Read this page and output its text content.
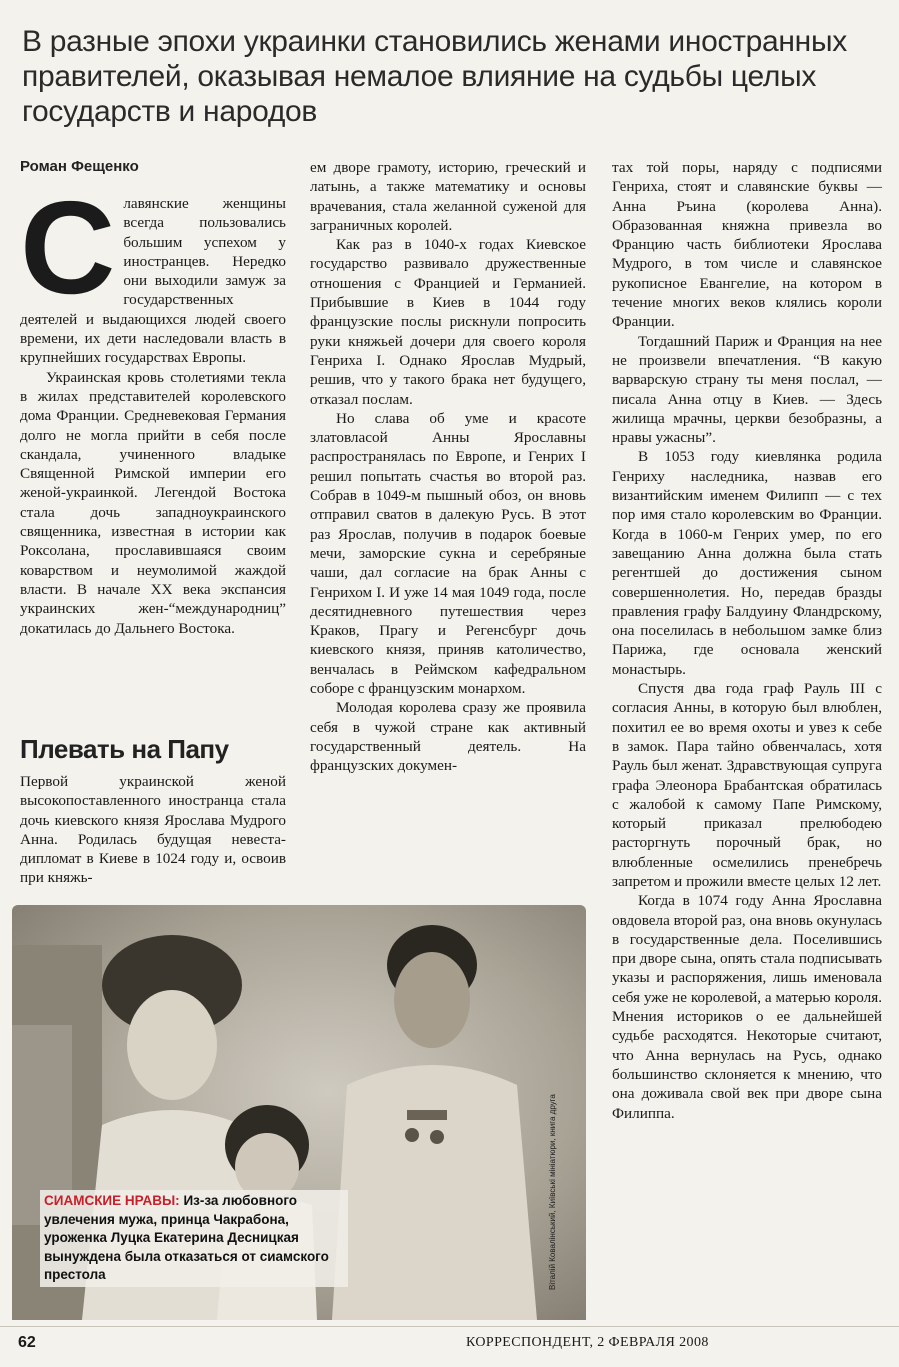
В разные эпохи украинки становились женами иностранных правителей, оказывая немалое влияние на судьбы целых государств и народов
Роман Фещенко
С лавянские женщины всегда пользовались большим успехом у иностранцев. Нередко они выходили замуж за государственных деятелей и выдающихся людей своего времени, их дети наследовали власть в крупнейших государствах Европы.

Украинская кровь столетиями текла в жилах представителей королевского дома Франции. Средневековая Германия долго не могла прийти в себя после скандала, учиненного владыке Священной Римской империи его женой-украинкой. Легендой Востока стала дочь западноукраинского священника, известная в истории как Роксолана, прославившаяся своим коварством и неумолимой жаждой власти. В начале ХХ века экспансия украинских жен-“международниц” докатилась до Дальнего Востока.

Плевать на Папу

Первой украинской женой высокопоставленного иностранца стала дочь киевского князя Ярослава Мудрого Анна. Родилась будущая невеста-дипломат в Киеве в 1024 году и, освоив при княжь-

ем дворе грамоту, историю, греческий и латынь, а также математику и основы врачевания, стала желанной суженой для заграничных королей.

Как раз в 1040-х годах Киевское государство развивало дружественные отношения с Францией и Германией. Прибывшие в Киев в 1044 году французские послы рискнули попросить руки княжьей дочери для своего короля Генриха I. Однако Ярослав Мудрый, решив, что у такого брака нет будущего, отказал послам.

Но слава об уме и красоте златовласой Анны Ярославны распространялась по Европе, и Генрих I решил попытать счастья во второй раз. Собрав в 1049-м пышный обоз, он вновь отправил сватов в далекую Русь. В этот раз Ярослав, получив в подарок боевые мечи, заморские сукна и серебряные чаши, дал согласие на брак Анны с Генрихом I. И уже 14 мая 1049 года, после десятидневного путешествия через Краков, Прагу и Регенсбург дочь киевского князя, приняв католичество, венчалась в Реймском кафедральном соборе с французским монархом.

Молодая королева сразу же проявила себя в чужой стране как активный государственный деятель. На французских докумен-

тах той поры, наряду с подписями Генриха, стоят и славянские буквы — Анна Ръина (королева Анна). Образованная княжна привезла во Францию часть библиотеки Ярослава Мудрого, в том числе и славянское рукописное Евангелие, на котором в течение многих веков клялись короли Франции.

Тогдашний Париж и Франция на нее не произвели впечатления. “В какую варварскую страну ты меня послал, — писала Анна отцу в Киев. — Здесь жилища мрачны, церкви безобразны, а нравы ужасны”.

В 1053 году киевлянка родила Генриху наследника, назвав его византийским именем Филипп — с тех пор имя стало королевским во Франции. Когда в 1060-м Генрих умер, по его завещанию Анна должна была стать регентшей до достижения сыном совершеннолетия. Но, передав бразды правления графу Балдуину Фландрскому, она поселилась в небольшом замке близ Парижа, где основала женский монастырь.

Спустя два года граф Рауль III с согласия Анны, в которую был влюблен, похитил ее во время охоты и увез к себе в замок. Пара тайно обвенчалась, хотя Рауль был женат. Здравствующая супруга графа Элеонора Брабантская обратилась с жалобой к самому Папе Римскому, который приказал прелюбодею расторгнуть порочный брак, но влюбленные осмелились пренебречь запретом и прожили вместе целых 12 лет.

Когда в 1074 году Анна Ярославна овдовела второй раз, она вновь окунулась в государственные дела. Поселившись при дворе сына, опять стала подписывать указы и распоряжения, лишь именовала себя уже не королевой, а матерью короля. Мнения историков о ее дальнейшей судьбе расходятся. Некоторые считают, что Анна вернулась на Русь, однако большинство склоняется к мнению, что она доживала свой век при дворе сына Филиппа.

СИАМСКИЕ НРАВЫ: Из-за любовного увлечения мужа, принца Чакрабона, уроженка Луцка Екатерина Десницкая вынуждена была отказаться от сиамского престола	Віталій Ковалінський, Київські мініатюри, книга друга
62	КОРРЕСПОНДЕНТ, 2 ФЕВРАЛЯ 2008
